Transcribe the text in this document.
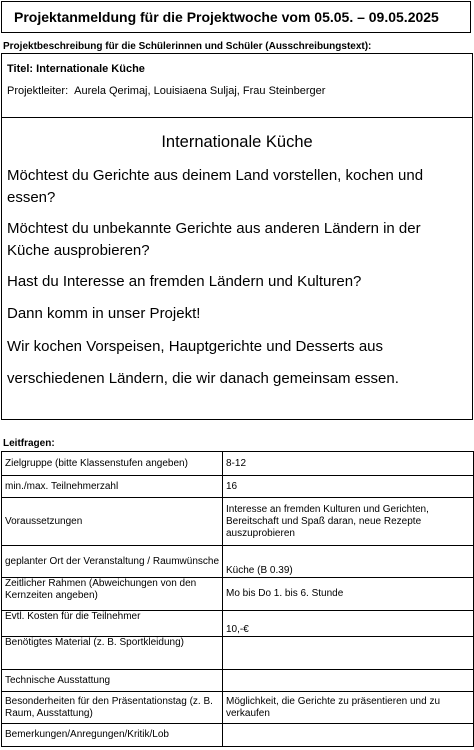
Projektanmeldung für die Projektwoche vom 05.05. – 09.05.2025
Projektbeschreibung für die Schülerinnen und Schüler (Ausschreibungstext):
Titel: Internationale Küche
Projektleiter: Aurela Qerimaj, Louisiaena Suljaj, Frau Steinberger
Internationale Küche

Möchtest du Gerichte aus deinem Land vorstellen, kochen und essen?

Möchtest du unbekannte Gerichte aus anderen Ländern in der Küche ausprobieren?

Hast du Interesse an fremden Ländern und Kulturen?

Dann komm in unser Projekt!

Wir kochen Vorspeisen, Hauptgerichte und Desserts aus

verschiedenen Ländern, die wir danach gemeinsam essen.

Leitfragen:
Zielgruppe (bitte Klassenstufen angeben)	8-12
min./max. Teilnehmerzahl	16
Voraussetzungen	Interesse an fremden Kulturen und Gerichten, Bereitschaft und Spaß daran, neue Rezepte auszuprobieren
geplanter Ort der Veranstaltung / Raumwünsche	Küche (B 0.39)
Zeitlicher Rahmen (Abweichungen von den Kernzeiten angeben)	Mo bis Do 1. bis 6. Stunde
Evtl. Kosten für die Teilnehmer	10,-€
Benötigtes Material (z. B. Sportkleidung)	
Technische Ausstattung	
Besonderheiten für den Präsentationstag (z. B. Raum, Ausstattung)	Möglichkeit, die Gerichte zu präsentieren und zu verkaufen
Bemerkungen/Anregungen/Kritik/Lob	
